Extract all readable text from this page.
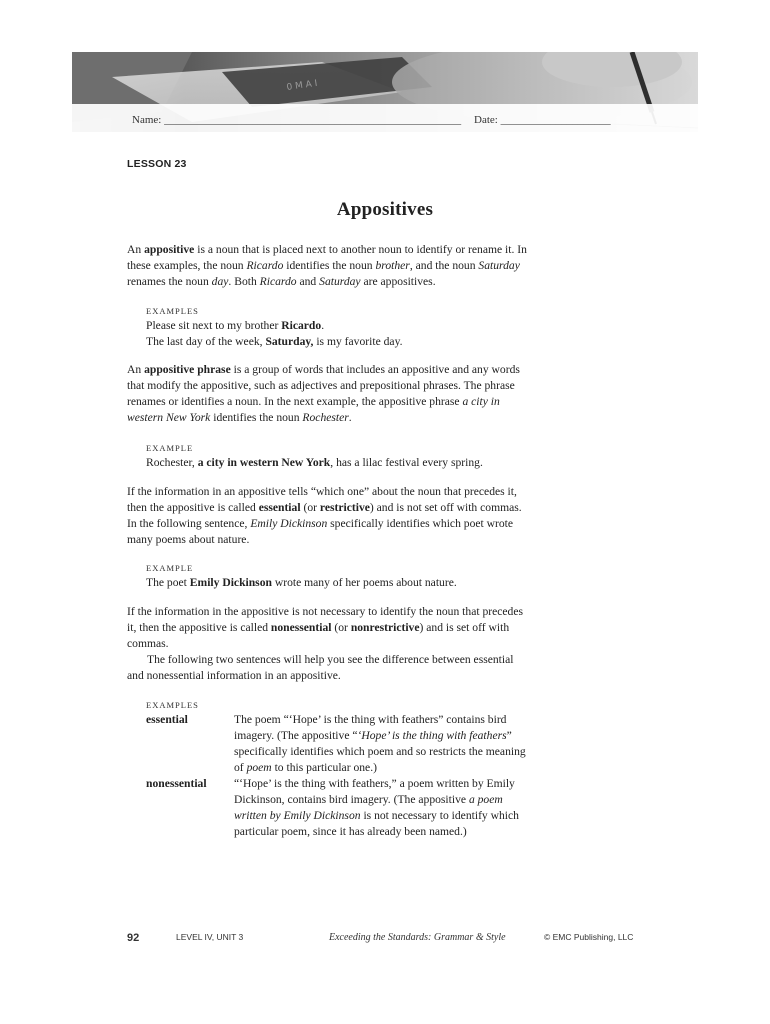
0 M A I
Name: ______________________________________________________ Date: ____________________
LESSON 23
Appositives

An appositive is a noun that is placed next to another noun to identify or rename it. In these examples, the noun Ricardo identifies the noun brother, and the noun Saturday renames the noun day. Both Ricardo and Saturday are appositives.

EXAMPLES

Please sit next to my brother Ricardo.

The last day of the week, Saturday, is my favorite day.

An appositive phrase is a group of words that includes an appositive and any words that modify the appositive, such as adjectives and prepositional phrases. The phrase renames or identifies a noun. In the next example, the appositive phrase a city in western New York identifies the noun Rochester.

EXAMPLE

Rochester, a city in western New York, has a lilac festival every spring.

If the information in an appositive tells “which one” about the noun that precedes it, then the appositive is called essential (or restrictive) and is not set off with commas. In the following sentence, Emily Dickinson specifically identifies which poet wrote many poems about nature.

EXAMPLE

The poet Emily Dickinson wrote many of her poems about nature.

If the information in the appositive is not necessary to identify the noun that precedes it, then the appositive is called nonessential (or nonrestrictive) and is set off with commas.

The following two sentences will help you see the difference between essential and nonessential information in an appositive.

EXAMPLES
essential	The poem “‘Hope’ is the thing with feathers” contains bird imagery. (The appositive “‘Hope’ is the thing with feathers” specifically identifies which poem and so restricts the meaning of poem to this particular one.)

nonessential “‘Hope’ is the thing with feathers,” a poem written by Emily Dickinson, contains bird imagery. (The appositive a poem written by Emily Dickinson is not necessary to identify which particular poem, since it has already been named.)

92	LEVEL IV, UNIT 3	Exceeding the Standards: Grammar & Style	© EMC Publishing, LLC
